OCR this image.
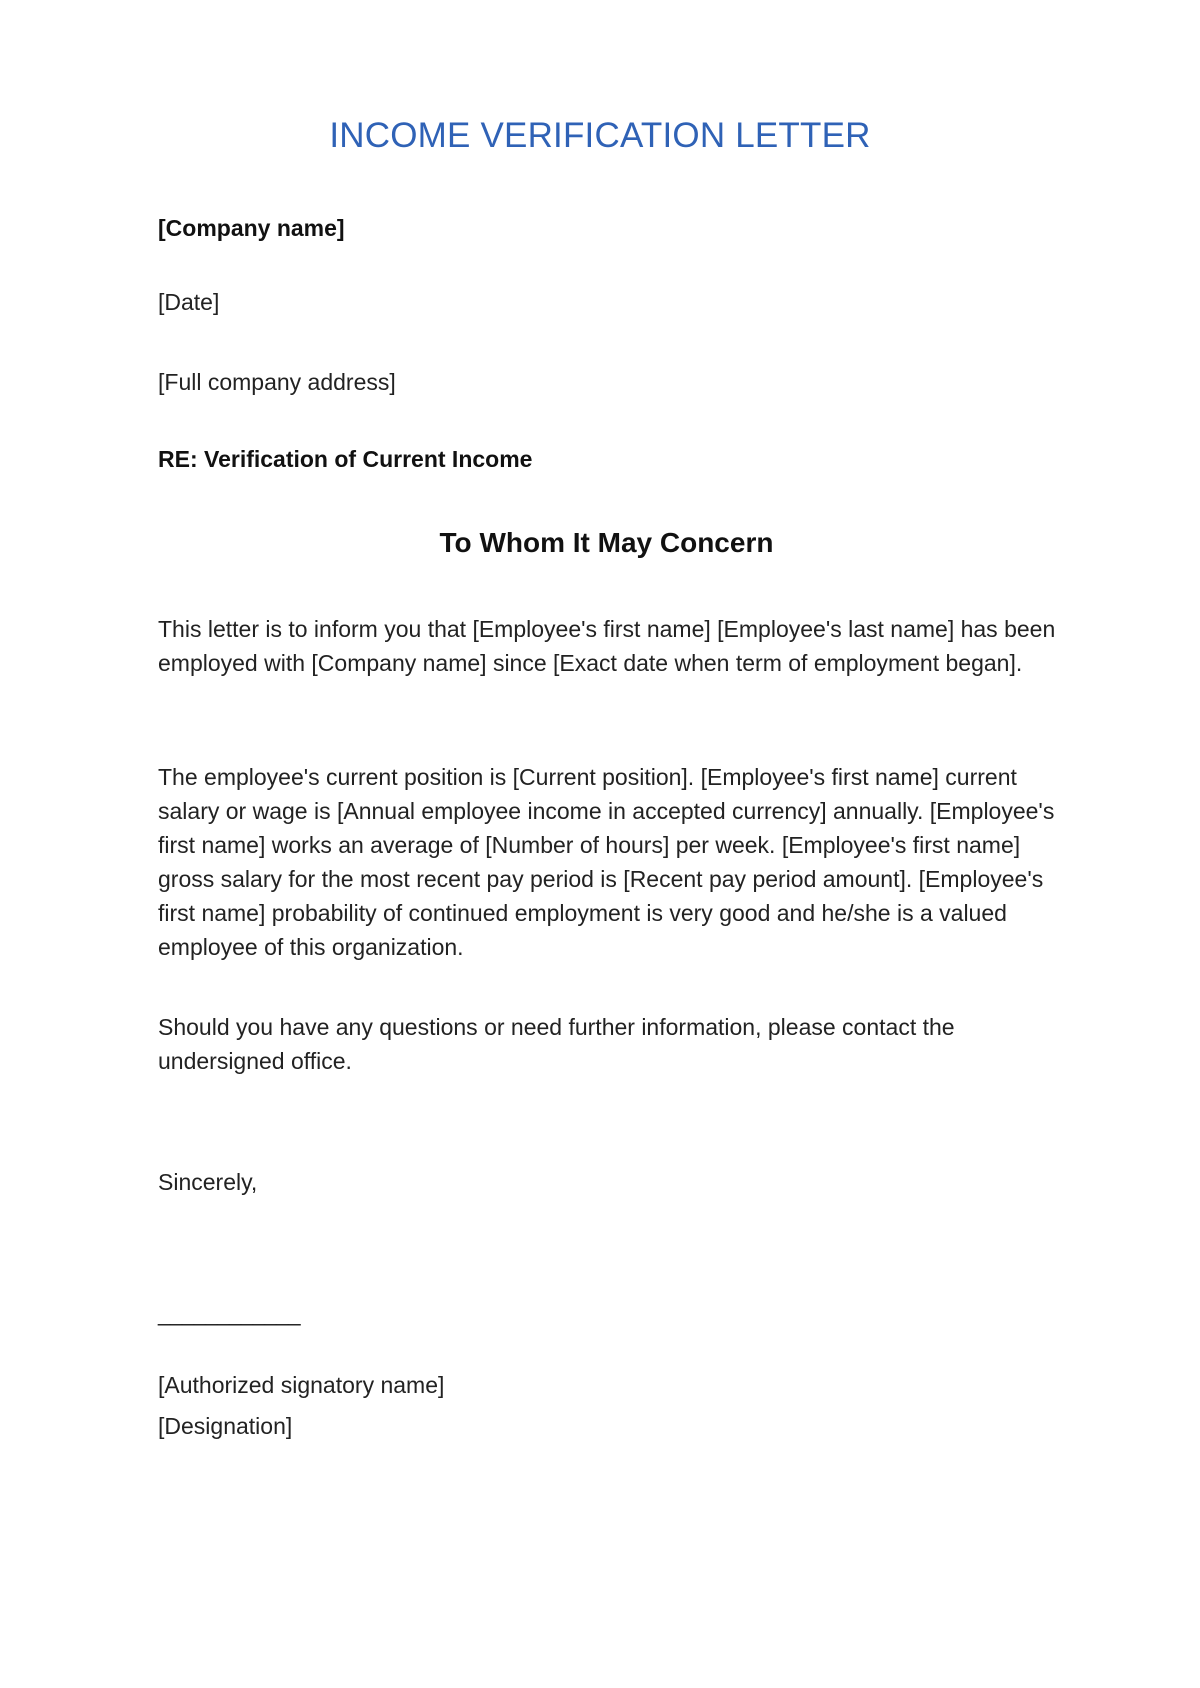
INCOME VERIFICATION LETTER

[Company name]

[Date]

[Full company address]

RE: Verification of Current Income

To Whom It May Concern

This letter is to inform you that [Employee's first name] [Employee's last name] has been employed with [Company name] since [Exact date when term of employment began].

The employee's current position is [Current position]. [Employee's first name] current salary or wage is [Annual employee income in accepted currency] annually. [Employee's first name] works an average of [Number of hours] per week. [Employee's first name] gross salary for the most recent pay period is [Recent pay period amount]. [Employee's first name] probability of continued employment is very good and he/she is a valued employee of this organization.

Should you have any questions or need further information, please contact the undersigned office.

Sincerely,

____________

[Authorized signatory name]

[Designation]
